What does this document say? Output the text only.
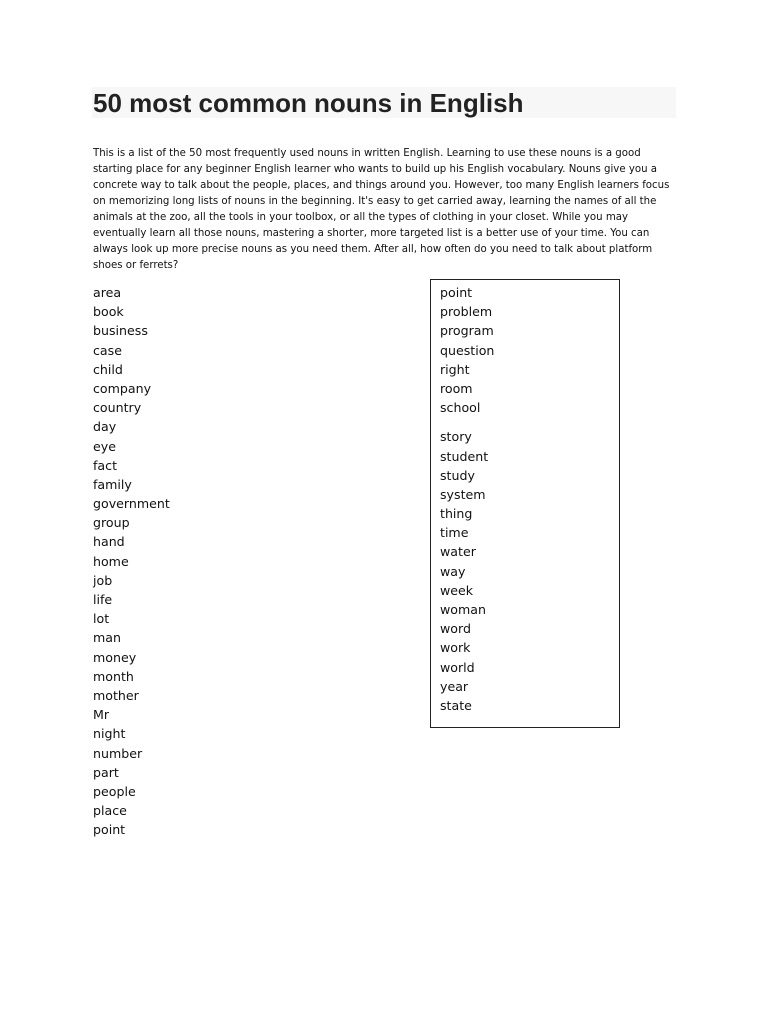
50 most common nouns in English

This is a list of the 50 most frequently used nouns in written English. Learning to use these nouns is a good starting place for any beginner English learner who wants to build up his English vocabulary. Nouns give you a concrete way to talk about the people, places, and things around you. However, too many English learners focus on memorizing long lists of nouns in the beginning. It's easy to get carried away, learning the names of all the animals at the zoo, all the tools in your toolbox, or all the types of clothing in your closet. While you may eventually learn all those nouns, mastering a shorter, more targeted list is a better use of your time. You can always look up more precise nouns as you need them. After all, how often do you need to talk about platform shoes or ferrets?

area
book
business
case
child
company
country
day
eye
fact
family
government
group
hand
home
job
life
lot
man
money
month
mother
Mr
night
number
part
people
place
point
point
problem
program
question
right
room
school
story
student
study
system
thing
time
water
way
week
woman
word
work
world
year
state
